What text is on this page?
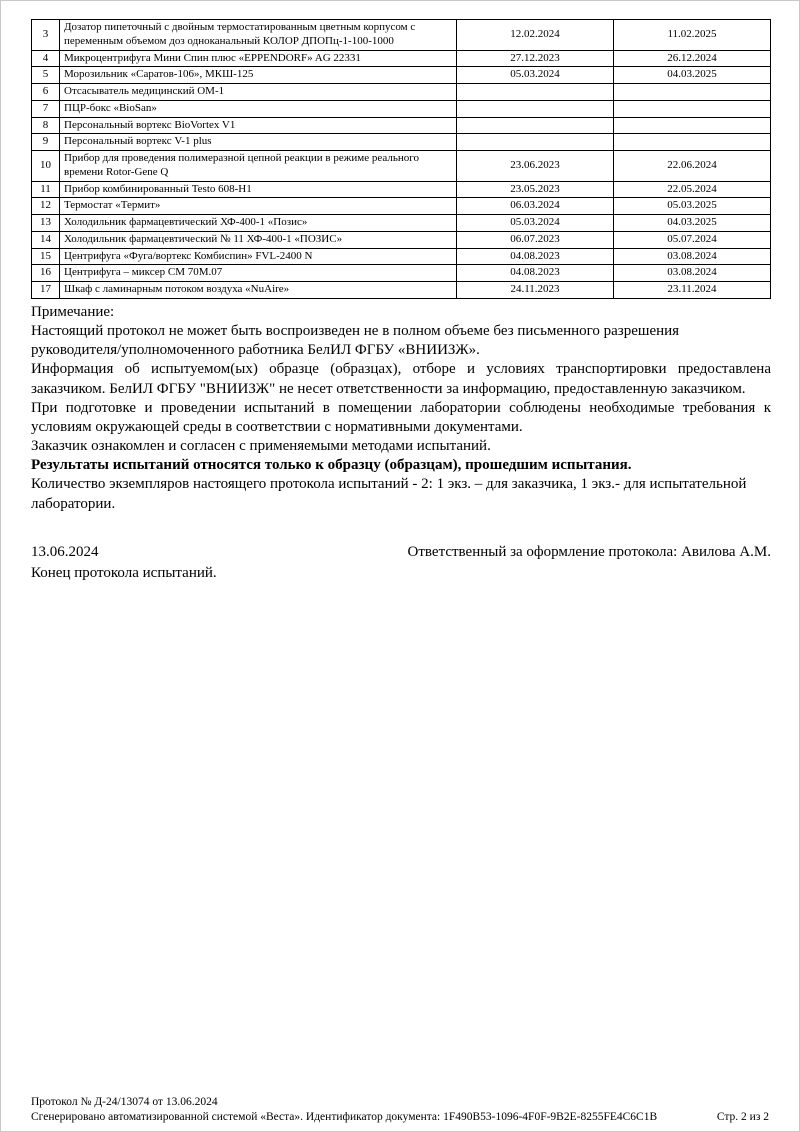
3	Дозатор пипеточный с двойным термостатированным цветным корпусом с переменным объемом доз одноканальный КОЛОР ДПОПц-1-100-1000	12.02.2024	11.02.2025
4	Микроцентрифуга Мини Спин плюс «EPPENDORF» AG 22331	27.12.2023	26.12.2024
5	Морозильник «Саратов-106», МКШ-125	05.03.2024	04.03.2025
6	Отсасыватель медицинский ОМ-1		
7	ПЦР-бокс «BioSan»		
8	Персональный вортекс BioVortex V1		
9	Персональный вортекс V-1 plus		
10	Прибор для проведения полимеразной цепной реакции в режиме реального времени Rotor-Gene Q	23.06.2023	22.06.2024
11	Прибор комбинированный Testo 608-H1	23.05.2023	22.05.2024
12	Термостат «Термит»	06.03.2024	05.03.2025
13	Холодильник фармацевтический ХФ-400-1 «Позис»	05.03.2024	04.03.2025
14	Холодильник фармацевтический № 11 ХФ-400-1 «ПОЗИС»	06.07.2023	05.07.2024
15	Центрифуга «Фуга/вортекс Комбиспин» FVL-2400 N	04.08.2023	03.08.2024
16	Центрифуга – миксер СМ 70М.07	04.08.2023	03.08.2024
17	Шкаф с ламинарным потоком воздуха «NuAire»	24.11.2023	23.11.2024

Примечание:

Настоящий протокол не может быть воспроизведен не в полном объеме без письменного разрешения руководителя/уполномоченного работника БелИЛ ФГБУ «ВНИИЗЖ».

Информация об испытуемом(ых) образце (образцах), отборе и условиях транспортировки предоставлена заказчиком. БелИЛ ФГБУ "ВНИИЗЖ" не несет ответственности за информацию, предоставленную заказчиком.

При подготовке и проведении испытаний в помещении лаборатории соблюдены необходимые требования к условиям окружающей среды в соответствии с нормативными документами.

Заказчик ознакомлен и согласен с применяемыми методами испытаний.

Результаты испытаний относятся только к образцу (образцам), прошедшим испытания.

Количество экземпляров настоящего протокола испытаний - 2: 1 экз. – для заказчика, 1 экз.- для испытательной лаборатории.

13.06.2024	Ответственный за оформление протокола: Авилова А.М.

Конец протокола испытаний.

Протокол № Д-24/13074 от 13.06.2024
Сгенерировано автоматизированной системой «Веста». Идентификатор документа: 1F490B53-1096-4F0F-9B2E-8255FE4C6C1B	Стр. 2 из 2
